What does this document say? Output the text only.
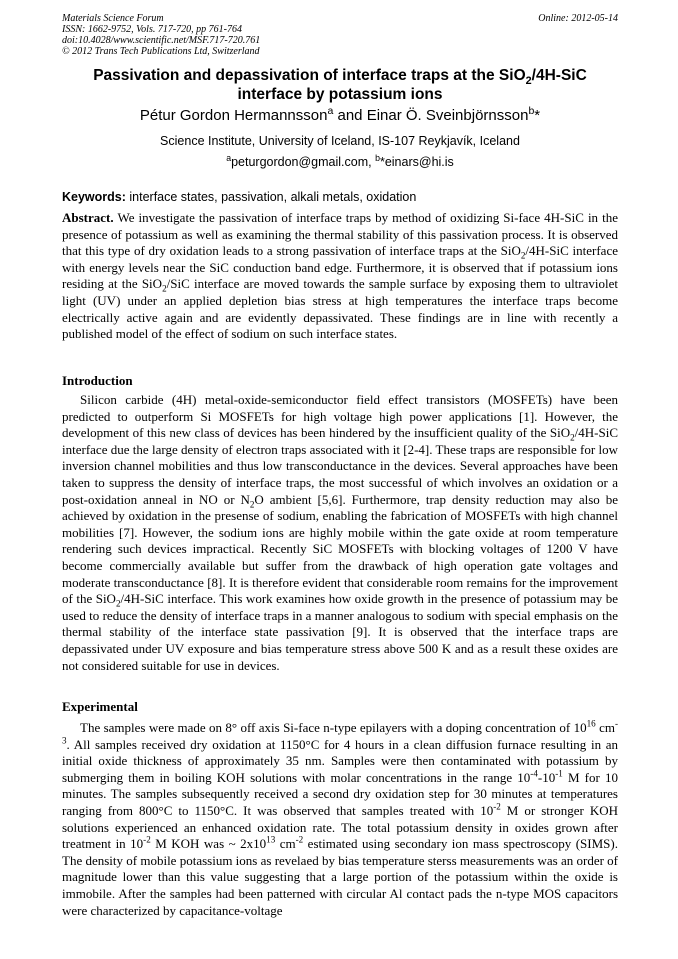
Materials Science Forum
ISSN: 1662-9752, Vols. 717-720, pp 761-764
doi:10.4028/www.scientific.net/MSF.717-720.761
© 2012 Trans Tech Publications Ltd, Switzerland
Online: 2012-05-14
Passivation and depassivation of interface traps at the SiO$_2$/4H-SiC interface by potassium ions
Pétur Gordon Hermannsson$^a$ and Einar Ö. Sveinbjörnsson$^b$*
Science Institute, University of Iceland, IS-107 Reykjavík, Iceland
$^a$peturgordon@gmail.com, $^b$*einars@hi.is
Keywords: interface states, passivation, alkali metals, oxidation
Abstract. We investigate the passivation of interface traps by method of oxidizing Si-face 4H-SiC in the presence of potassium as well as examining the thermal stability of this passivation process. It is observed that this type of dry oxidation leads to a strong passivation of interface traps at the SiO$_2$/4H-SiC interface with energy levels near the SiC conduction band edge. Furthermore, it is observed that if potassium ions residing at the SiO$_2$/SiC interface are moved towards the sample surface by exposing them to ultraviolet light (UV) under an applied depletion bias stress at high temperatures the interface traps become electrically active again and are evidently depassivated. These findings are in line with recently a published model of the effect of sodium on such interface states.
Introduction
Silicon carbide (4H) metal-oxide-semiconductor field effect transistors (MOSFETs) have been predicted to outperform Si MOSFETs for high voltage high power applications [1]. However, the development of this new class of devices has been hindered by the insufficient quality of the SiO$_2$/4H-SiC interface due the large density of electron traps associated with it [2-4]. These traps are responsible for low inversion channel mobilities and thus low transconductance in the devices. Several approaches have been taken to suppress the density of interface traps, the most successful of which involves an oxidation or a post-oxidation anneal in NO or $N_2O$ ambient [5,6]. Furthermore, trap density reduction may also be achieved by oxidation in the presense of sodium, enabling the fabrication of MOSFETs with high channel mobilities [7]. However, the sodium ions are highly mobile within the gate oxide at room temperature rendering such devices impractical. Recently SiC MOSFETs with blocking voltages of 1200 V have become commercially available but suffer from the drawback of high operation gate voltages and moderate transconductance [8]. It is therefore evident that considerable room remains for the improvement of the SiO$_2$/4H-SiC interface. This work examines how oxide growth in the presence of potassium may be used to reduce the density of interface traps in a manner analogous to sodium with special emphasis on the thermal stability of the interface state passivation [9]. It is observed that the interface traps are depassivated under UV exposure and bias temperature stress above 500 K and as a result these oxides are not considered suitable for use in devices.
Experimental
The samples were made on 8° off axis Si-face n-type epilayers with a doping concentration of $10^{16}$ $cm^{-3}$. All samples received dry oxidation at 1150°C for 4 hours in a clean diffusion furnace resulting in an initial oxide thickness of approximately 35 nm. Samples were then contaminated with potassium by submerging them in boiling KOH solutions with molar concentrations in the range $10^{-4}-10^{-1}$ M for 10 minutes. The samples subsequently received a second dry oxidation step for 30 minutes at temperatures ranging from 800°C to 1150°C. It was observed that samples treated with $10^{-2}$ M or stronger KOH solutions experienced an enhanced oxidation rate. The total potassium density in oxides grown after treatment in $10^{-2}$ M KOH was ~ $2x10^{13}$ $cm^{-2}$ estimated using secondary ion mass spectroscopy (SIMS). The density of mobile potassium ions as revelaed by bias temperature sterss measurements was an order of magnitude lower than this value suggesting that a large portion of the potassium within the oxide is immobile. After the samples had been patterned with circular Al contact pads the n-type MOS capacitors were characterized by capacitance-voltage
